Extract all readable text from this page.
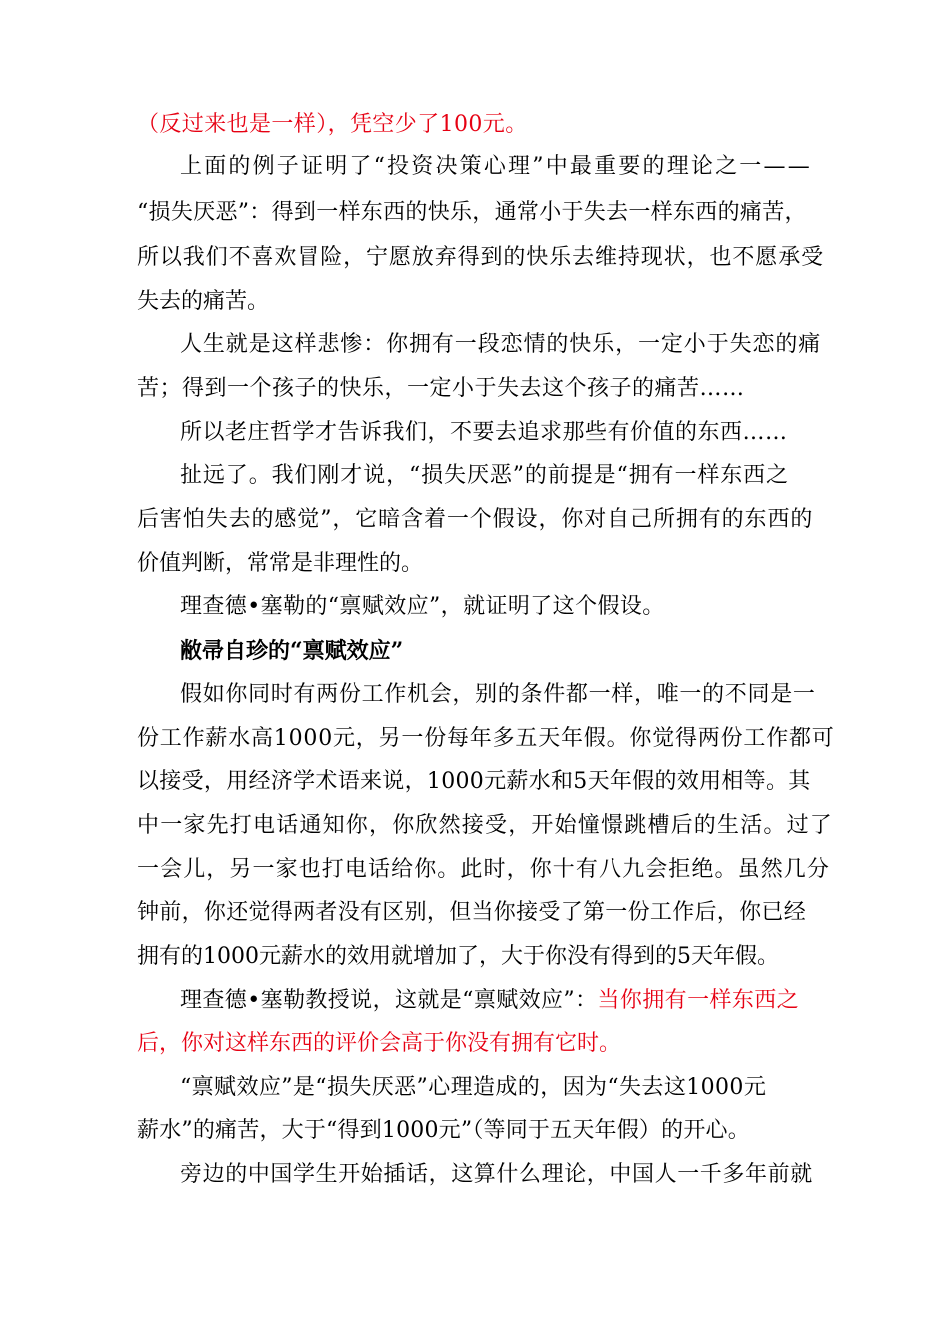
（反过来也是一样），凭空少了100元。
上面的例子证明了“投资决策心理”中最重要的理论之一——
“损失厌恶”：得到一样东西的快乐，通常小于失去一样东西的痛苦，
所以我们不喜欢冒险，宁愿放弃得到的快乐去维持现状，也不愿承受
失去的痛苦。
人生就是这样悲惨：你拥有一段恋情的快乐，一定小于失恋的痛
苦；得到一个孩子的快乐，一定小于失去这个孩子的痛苦……
所以老庄哲学才告诉我们，不要去追求那些有价值的东西……
扯远了。我们刚才说，“损失厌恶”的前提是“拥有一样东西之
后害怕失去的感觉”，它暗含着一个假设，你对自己所拥有的东西的
价值判断，常常是非理性的。
理查德•塞勒的“禀赋效应”，就证明了这个假设。
敝帚自珍的“禀赋效应”
假如你同时有两份工作机会，别的条件都一样，唯一的不同是一
份工作薪水高1000元，另一份每年多五天年假。你觉得两份工作都可
以接受，用经济学术语来说，1000元薪水和5天年假的效用相等。其
中一家先打电话通知你，你欣然接受，开始憧憬跳槽后的生活。过了
一会儿，另一家也打电话给你。此时，你十有八九会拒绝。虽然几分
钟前，你还觉得两者没有区别，但当你接受了第一份工作后，你已经
拥有的1000元薪水的效用就增加了，大于你没有得到的5天年假。
理查德•塞勒教授说，这就是“禀赋效应”：当你拥有一样东西之
后，你对这样东西的评价会高于你没有拥有它时。
“禀赋效应”是“损失厌恶”心理造成的，因为“失去这1000元
薪水”的痛苦，大于“得到1000元”（等同于五天年假）的开心。
旁边的中国学生开始插话，这算什么理论，中国人一千多年前就
